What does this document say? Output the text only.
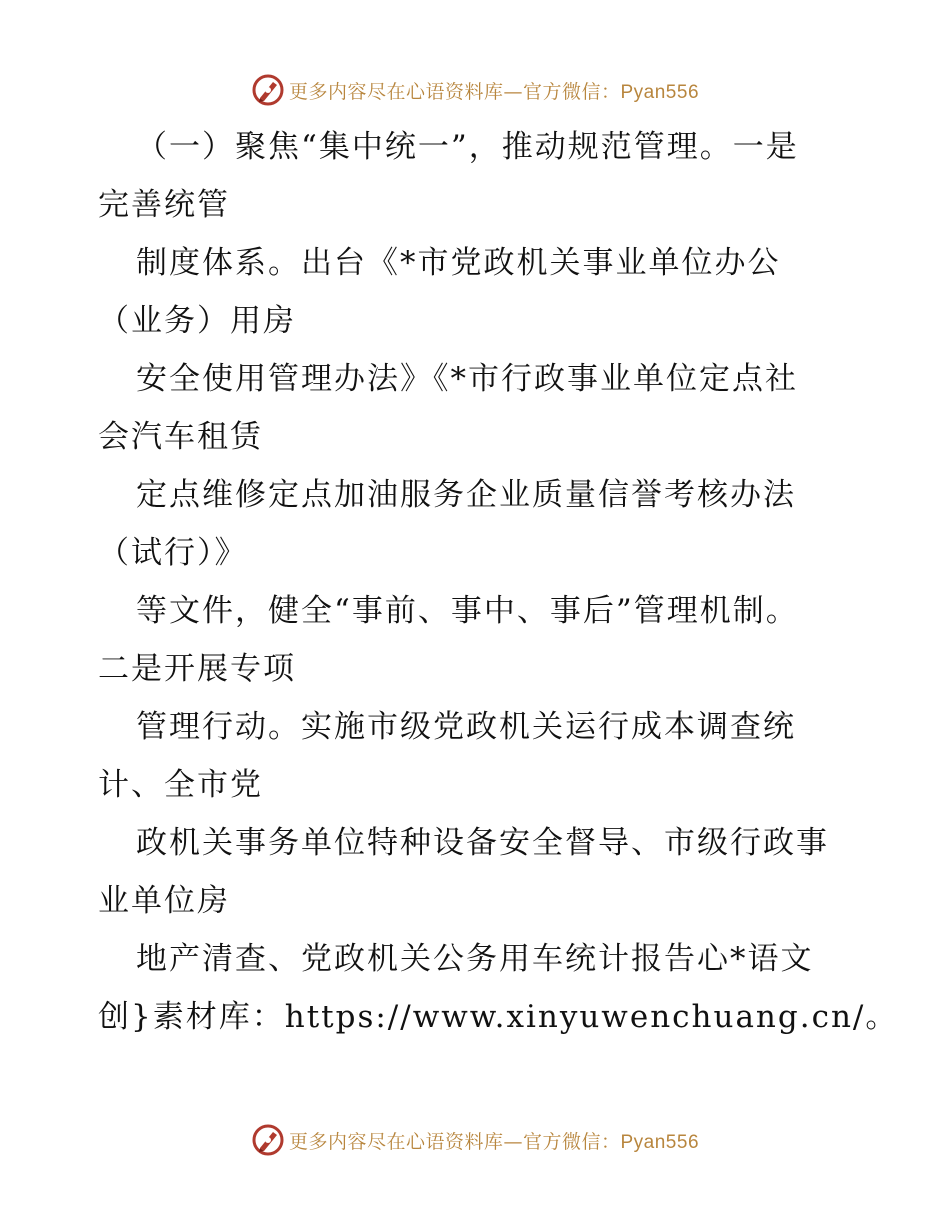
更多内容尽在心语资料库—官方微信：Pyan556
（一）聚焦“集中统一”，推动规范管理。一是
完善统管
制度体系。出台《*市党政机关事业单位办公
（业务）用房
安全使用管理办法》《*市行政事业单位定点社
会汽车租赁
定点维修定点加油服务企业质量信誉考核办法
（试行）》
等文件，健全“事前、事中、事后”管理机制。
二是开展专项
管理行动。实施市级党政机关运行成本调查统
计、全市党
政机关事务单位特种设备安全督导、市级行政事
业单位房
地产清查、党政机关公务用车统计报告心*语文
创}素材库：https://www.xinyuwenchuang.cn/。
更多内容尽在心语资料库—官方微信：Pyan556
